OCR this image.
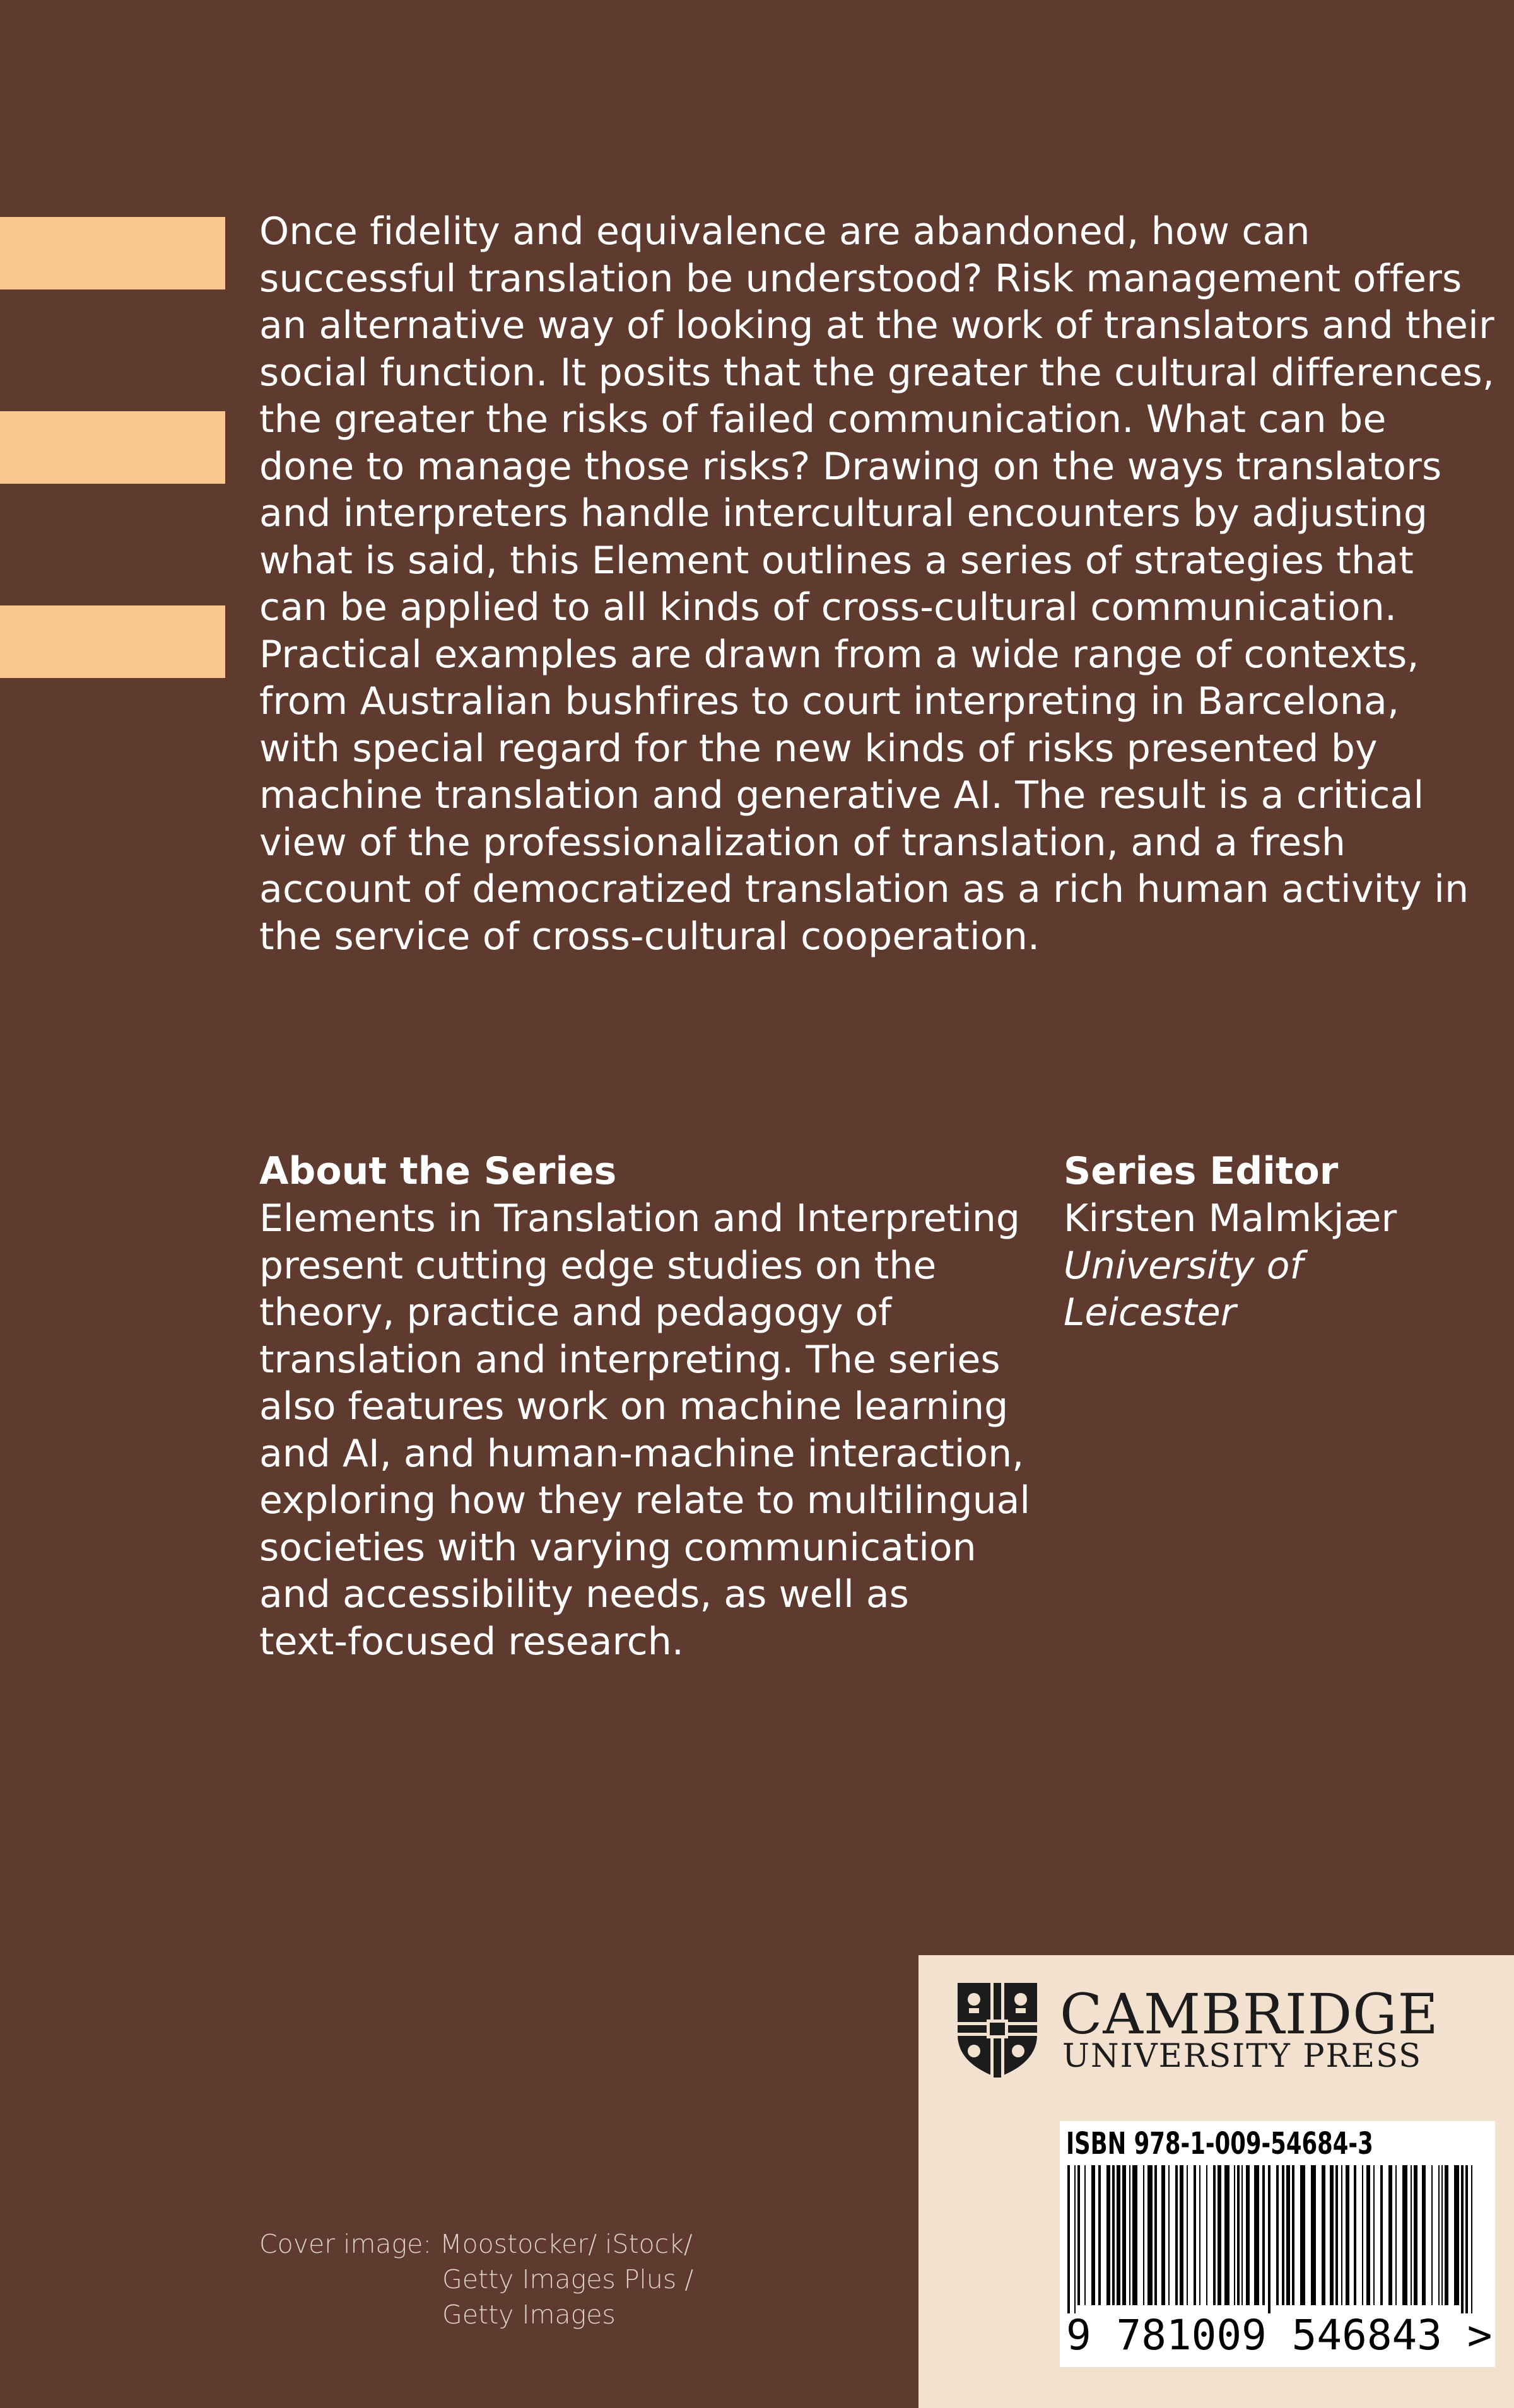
Once fidelity and equivalence are abandoned, how can
successful translation be understood? Risk management offers
an alternative way of looking at the work of translators and their
social function. It posits that the greater the cultural differences,
the greater the risks of failed communication. What can be
done to manage those risks? Drawing on the ways translators
and interpreters handle intercultural encounters by adjusting
what is said, this Element outlines a series of strategies that
can be applied to all kinds of cross-cultural communication.
Practical examples are drawn from a wide range of contexts,
from Australian bushfires to court interpreting in Barcelona,
with special regard for the new kinds of risks presented by
machine translation and generative AI. The result is a critical
view of the professionalization of translation, and a fresh
account of democratized translation as a rich human activity in
the service of cross-cultural cooperation.
About the Series
Elements in Translation and Interpreting
present cutting edge studies on the
theory, practice and pedagogy of
translation and interpreting. The series
also features work on machine learning
and AI, and human-machine interaction,
exploring how they relate to multilingual
societies with varying communication
and accessibility needs, as well as
text-focused research.
Series Editor
Kirsten Malmkjær
University of
Leicester
Cover image: Moostocker/ iStock/
Getty Images Plus /
Getty Images
CAMBRIDGE
UNIVERSITY PRESS
ISBN 978-1-009-54684-3
9 781009 546843 >
